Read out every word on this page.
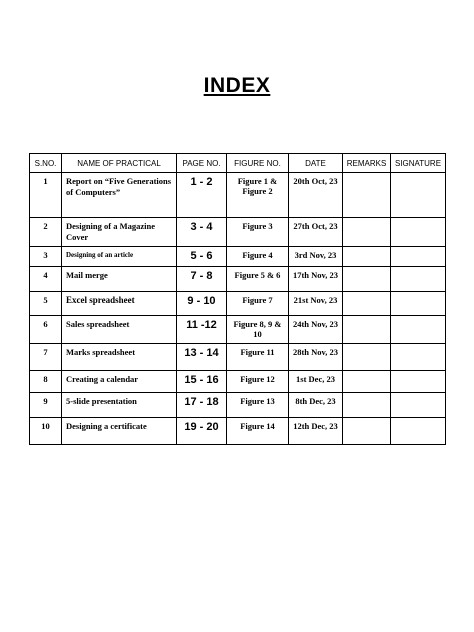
INDEX
S.NO.	NAME OF PRACTICAL	PAGE NO.	FIGURE NO.	DATE	REMARKS	SIGNATURE

1	Report on “Five Generations of Computers”	1 - 2	Figure 1 & Figure 2	20th Oct, 23		

2	Designing of a Magazine Cover	3 - 4	Figure 3	27th Oct, 23		

3	Designing of an article	5 - 6	Figure 4	3rd Nov, 23		

4	Mail merge	7 - 8	Figure 5 & 6	17th Nov, 23		

5	Excel spreadsheet	9 - 10	Figure 7	21st Nov, 23		

6	Sales spreadsheet	11 -12	Figure 8, 9 & 10	24th Nov, 23		

7	Marks spreadsheet	13 - 14	Figure 11	28th Nov, 23		

8	Creating a calendar	15 - 16	Figure 12	1st Dec, 23		

9	5-slide presentation	17 - 18	Figure 13	8th Dec, 23		

10	Designing a certificate	19 - 20	Figure 14	12th Dec, 23		
